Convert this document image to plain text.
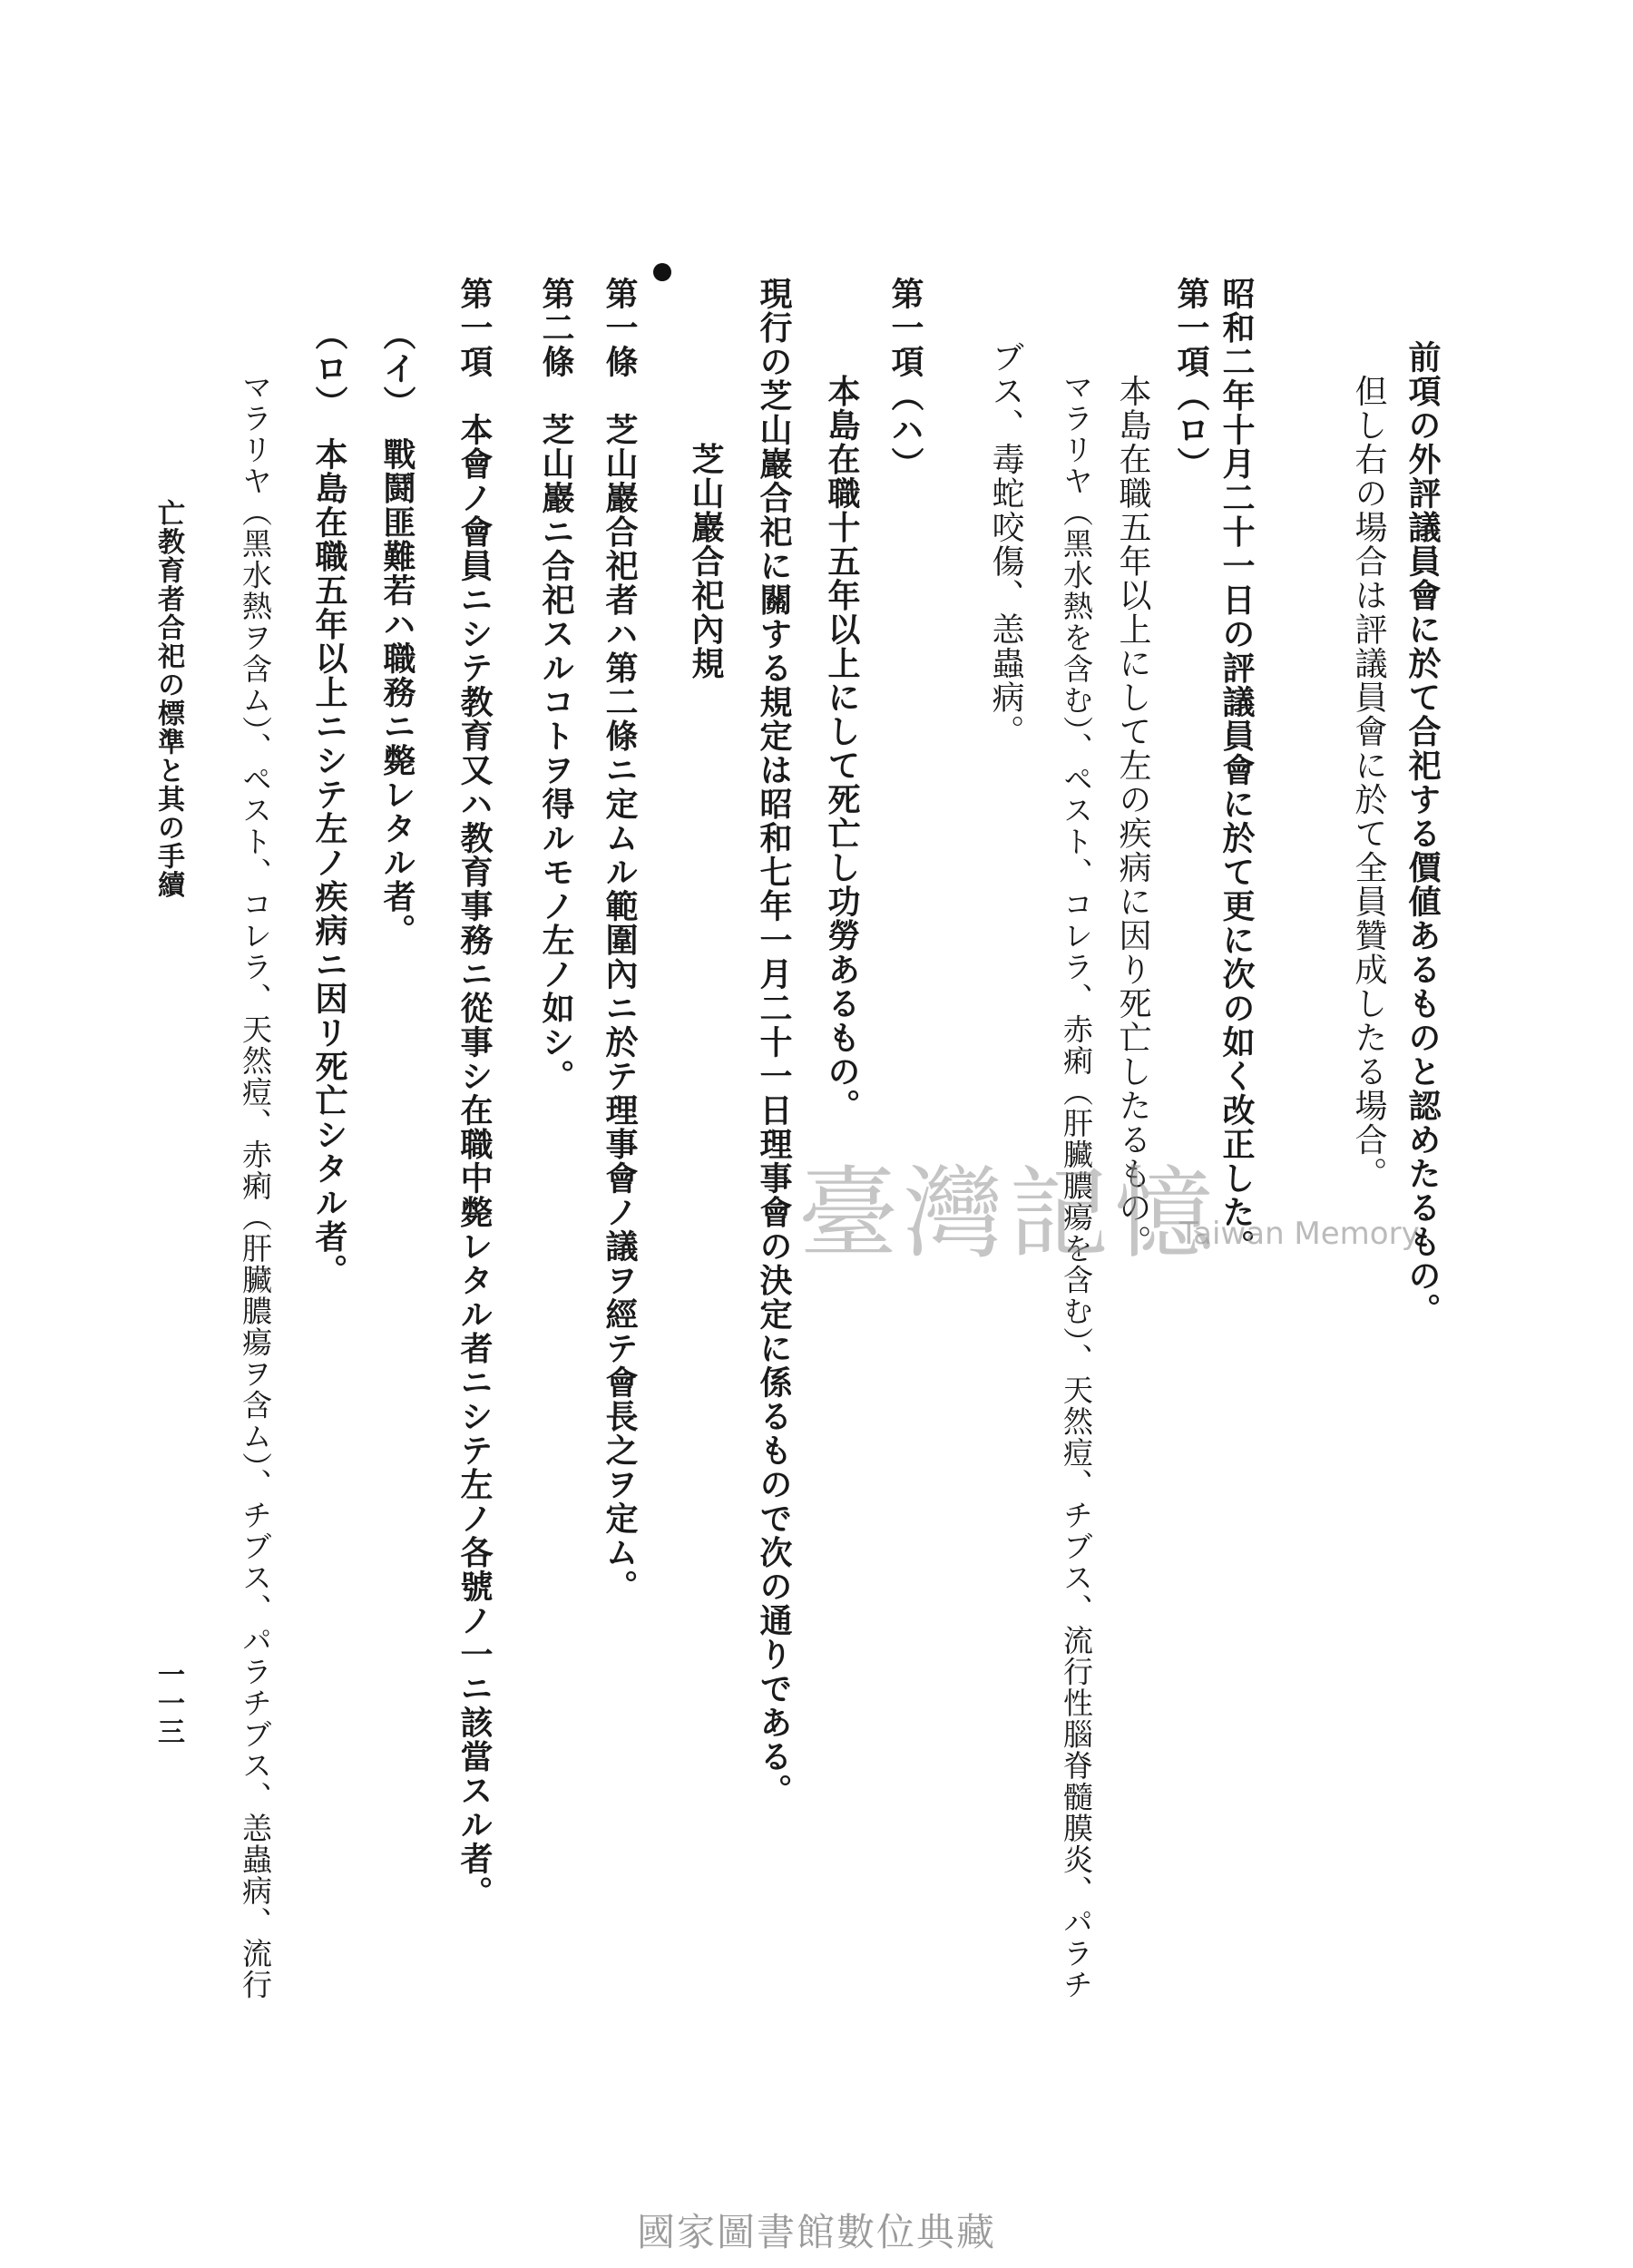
前項の外評議員會に於て合祀する價値あるものと認めたるもの。
　但し右の場合は評議員會に於て全員贊成したる場合。
昭和二年十月二十一日の評議員會に於て更に次の如く改正した。
第一項（ロ）
　本島在職五年以上にして左の疾病に因り死亡したるもの。
　マラリヤ（黑水熱を含む）、ペスト、コレラ、赤痢（肝臟膿瘍を含む）、天然痘、チブス、流行性腦脊髓膜炎、パラチ
ブス、毒蛇咬傷、恙蟲病。
第一項（ハ）
　本島在職十五年以上にして死亡し功勞あるもの。
現行の芝山巖合祀に關する規定は昭和七年一月二十一日理事會の決定に係るもので次の通りである。
　　　芝山巖合祀內規
第一條　芝山巖合祀者ハ第二條ニ定ムル範圍內ニ於テ理事會ノ議ヲ經テ會長之ヲ定ム。
第二條　芝山巖ニ合祀スルコトヲ得ルモノ左ノ如シ。
第一項　本會ノ會員ニシテ教育又ハ教育事務ニ從事シ在職中斃レタル者ニシテ左ノ各號ノ一ニ該當スル者。
（イ）　戰鬪匪難若ハ職務ニ斃レタル者。
（ロ）　本島在職五年以上ニシテ左ノ疾病ニ因リ死亡シタル者。
　マラリヤ（黑水熱ヲ含ム）、ペスト、コレラ、天然痘、赤痢（肝臟膿瘍ヲ含ム）、チブス、パラチブス、恙蟲病、流行
亡教育者合祀の標準と其の手續
一一三
臺灣記憶
Taiwan Memory
國家圖書館數位典藏
